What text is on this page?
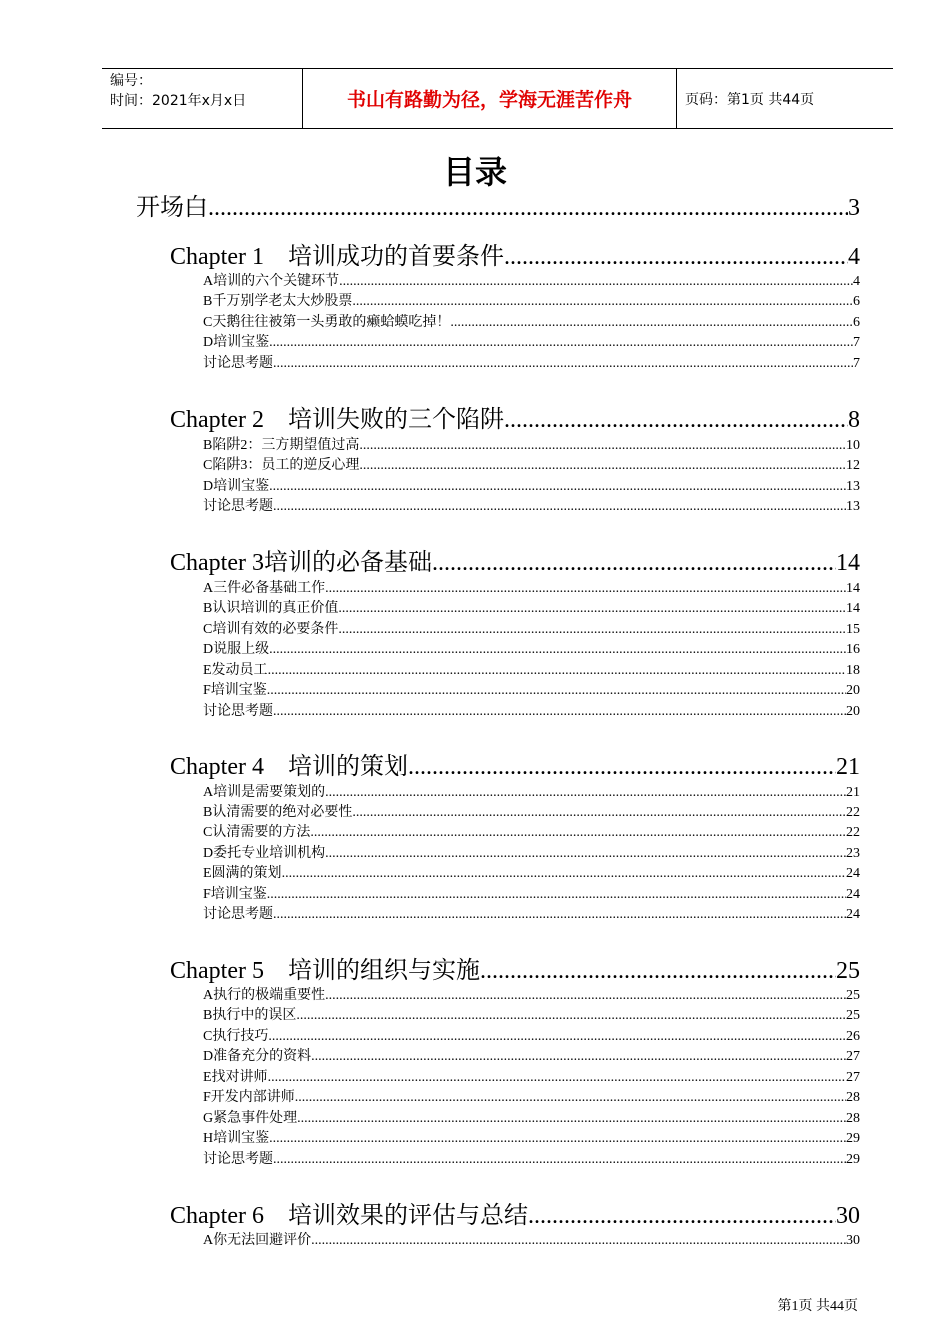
编号：
时间：2021年x月x日	书山有路勤为径，学海无涯苦作舟	页码：第1页 共44页
目录
开场白 .....	3
Chapter 1　培训成功的首要条件 .....	4
A培训的六个关键环节 .....	4
B千万别学老太大炒股票 .....	6
C天鹅往往被第一头勇敢的癞蛤蟆吃掉！ .....	6
D培训宝鉴 .....	7
讨论思考题 .....	7
Chapter 2　培训失败的三个陷阱 .....	8
B陷阱2：三方期望值过高 .....	10
C陷阱3：员工的逆反心理 .....	12
D培训宝鉴 .....	13
讨论思考题 .....	13
Chapter 3培训的必备基础 .....	14
A三件必备基础工作 .....	14
B认识培训的真正价值 .....	14
C培训有效的必要条件 .....	15
D说服上级 .....	16
E发动员工 .....	18
F培训宝鉴 .....	20
讨论思考题 .....	20
Chapter 4　培训的策划 .....	21
A培训是需要策划的 .....	21
B认清需要的绝对必要性 .....	22
C认清需要的方法 .....	22
D委托专业培训机构 .....	23
E圆满的策划 .....	24
F培训宝鉴 .....	24
讨论思考题 .....	24
Chapter 5　培训的组织与实施 .....	25
A执行的极端重要性 .....	25
B执行中的误区 .....	25
C执行技巧 .....	26
D准备充分的资料 .....	27
E找对讲师 .....	27
F开发内部讲师 .....	28
G紧急事件处理 .....	28
H培训宝鉴 .....	29
讨论思考题 .....	29
Chapter 6　培训效果的评估与总结 .....	30
A你无法回避评价 .....	30
第1页 共44页
